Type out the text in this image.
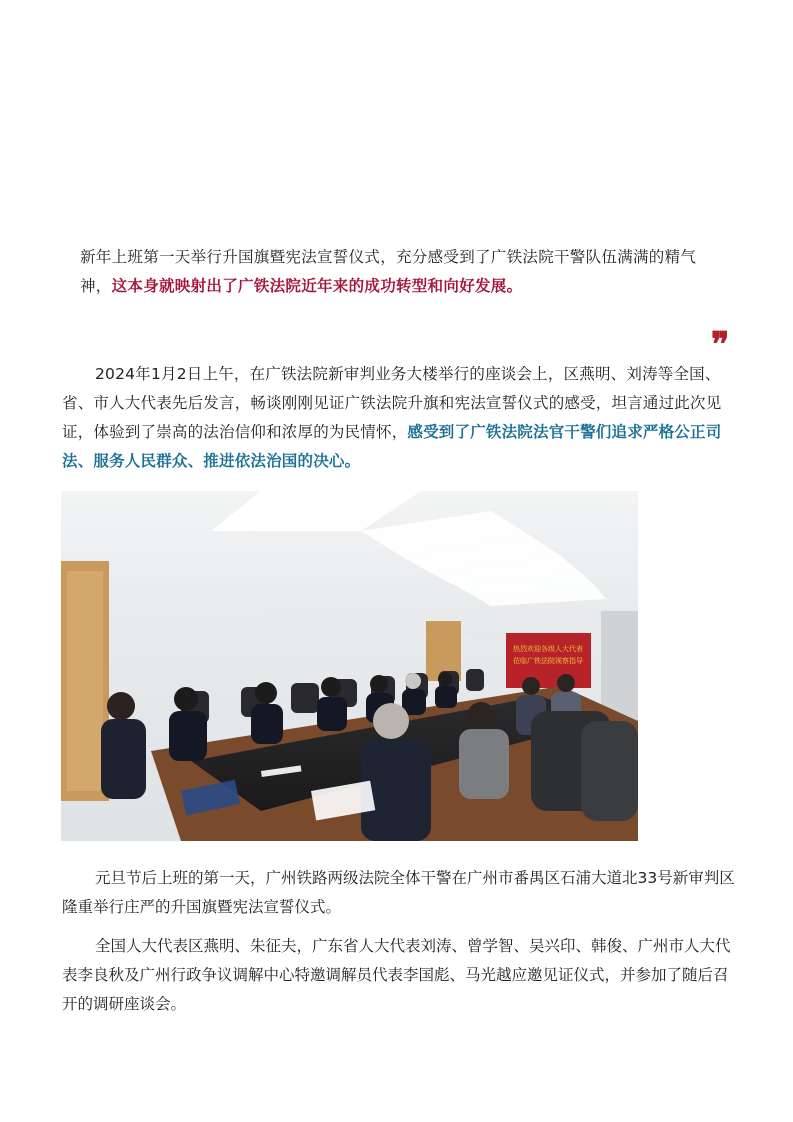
新年上班第一天举行升国旗暨宪法宣誓仪式，充分感受到了广铁法院干警队伍满满的精气神，这本身就映射出了广铁法院近年来的成功转型和向好发展。

❞

2024年1月2日上午，在广铁法院新审判业务大楼举行的座谈会上，区燕明、刘涛等全国、省、市人大代表先后发言，畅谈刚刚见证广铁法院升旗和宪法宣誓仪式的感受，坦言通过此次见证，体验到了崇高的法治信仰和浓厚的为民情怀，感受到了广铁法院法官干警们追求严格公正司法、服务人民群众、推进依法治国的决心。

热烈欢迎各级人大代表
莅临广铁法院视察指导

元旦节后上班的第一天，广州铁路两级法院全体干警在广州市番禺区石浦大道北33号新审判区隆重举行庄严的升国旗暨宪法宣誓仪式。

全国人大代表区燕明、朱征夫，广东省人大代表刘涛、曾学智、吴兴印、韩俊、广州市人大代表李良秋及广州行政争议调解中心特邀调解员代表李国彪、马光越应邀见证仪式，并参加了随后召开的调研座谈会。
